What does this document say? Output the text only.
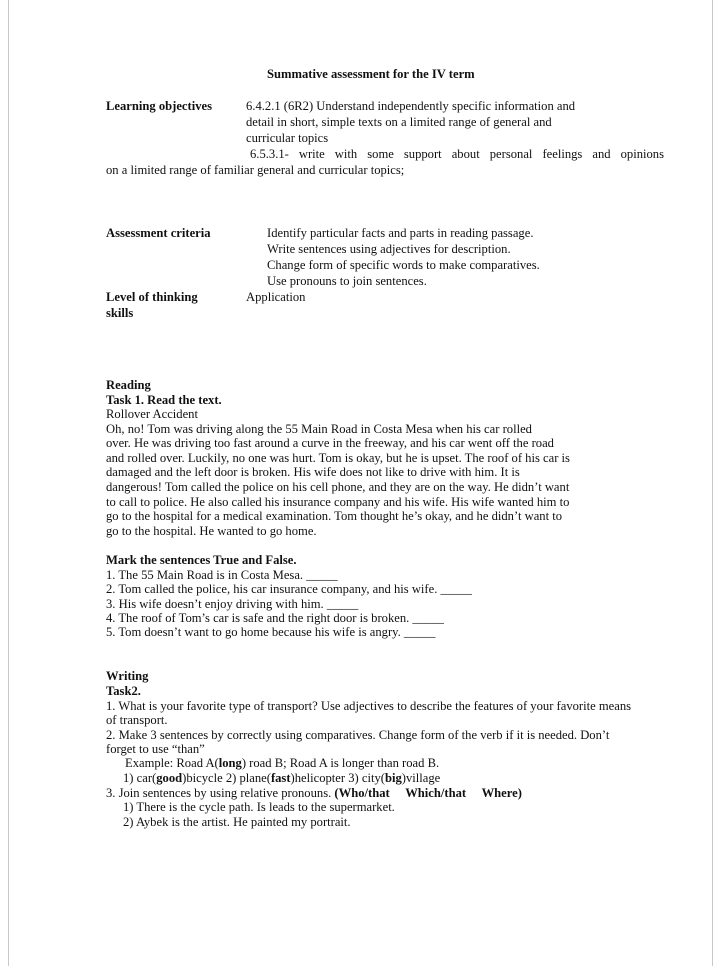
Summative assessment for the IV term
Learning objectives	6.4.2.1 (6R2) Understand independently specific information and
detail in short, simple texts on a limited range of general and
curricular topics
6.5.3.1- write with some support about personal feelings and opinions
on a limited range of familiar general and curricular topics;
Assessment criteria	Identify particular facts and parts in reading passage.
Write sentences using adjectives for description.
Change form of specific words to make comparatives.
Use pronouns to join sentences.
Level of thinking
skills
Application
Reading
Task 1. Read the text.
Rollover Accident
Oh, no! Tom was driving along the 55 Main Road in Costa Mesa when his car rolled
over. He was driving too fast around a curve in the freeway, and his car went off the road
and rolled over. Luckily, no one was hurt. Tom is okay, but he is upset. The roof of his car is
damaged and the left door is broken. His wife does not like to drive with him. It is
dangerous! Tom called the police on his cell phone, and they are on the way. He didn’t want
to call to police. He also called his insurance company and his wife. His wife wanted him to
go to the hospital for a medical examination. Tom thought he’s okay, and he didn’t want to
go to the hospital. He wanted to go home.
Mark the sentences True and False.
1. The 55 Main Road is in Costa Mesa. _____
2. Tom called the police, his car insurance company, and his wife. _____
3. His wife doesn’t enjoy driving with him. _____
4. The roof of Tom’s car is safe and the right door is broken. _____
5. Tom doesn’t want to go home because his wife is angry. _____
Writing
Task2.
1. What is your favorite type of transport? Use adjectives to describe the features of your favorite means
of transport.
2. Make 3 sentences by correctly using comparatives. Change form of the verb if it is needed. Don’t
forget to use “than”
Example: Road A(long) road B; Road A is longer than road B.
1) car(good)bicycle 2) plane(fast)helicopter 3) city(big)village
3. Join sentences by using relative pronouns. (Who/that     Which/that     Where)
1) There is the cycle path. Is leads to the supermarket.
2) Aybek is the artist. He painted my portrait.
